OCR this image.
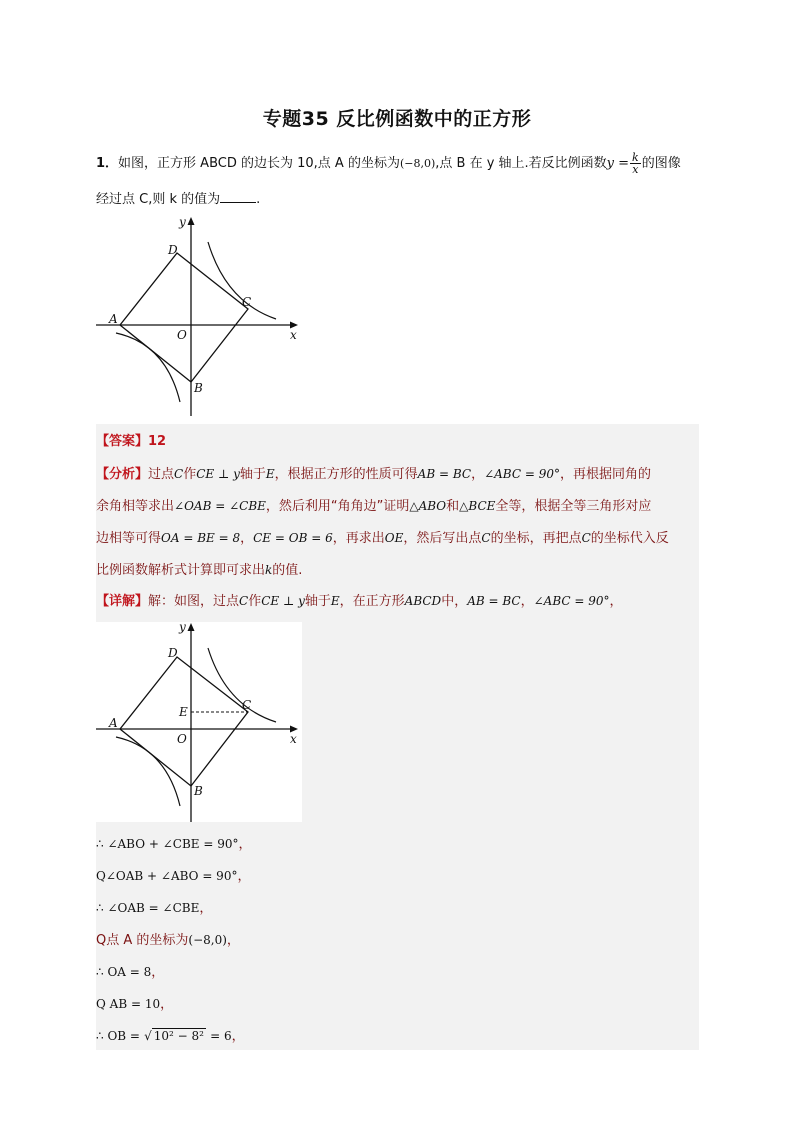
专题35 反比例函数中的正方形
1．如图，正方形 ABCD 的边长为 10,点 A 的坐标为(−8,0),点 B 在 y 轴上.若反比例函数$y = \frac{k}{x}$ 的图像
经过点 C,则 k 的值为	.
y
x
D
C
A
O
B
【答案】12
【分析】过点C作CE ⊥ y轴于E，根据正方形的性质可得AB = BC，∠ABC = 90°，再根据同角的
余角相等求出∠OAB = ∠CBE，然后利用“角角边”证明△ABO和△BCE全等，根据全等三角形对应
边相等可得OA = BE = 8，CE = OB = 6，再求出OE，然后写出点C的坐标，再把点C的坐标代入反
比例函数解析式计算即可求出k的值.
【详解】解：如图，过点C作CE ⊥ y轴于E，在正方形ABCD中，AB = BC，∠ABC = 90°，
y
x
D
C
A
O
E
B
∴ ∠ABO + ∠CBE = 90°，
Q∠OAB + ∠ABO = 90°，
∴ ∠OAB = ∠CBE，
Q点 A 的坐标为(−8,0)，
∴ OA = 8，
Q AB = 10，
∴ OB = √ 10² − 8² = 6，
